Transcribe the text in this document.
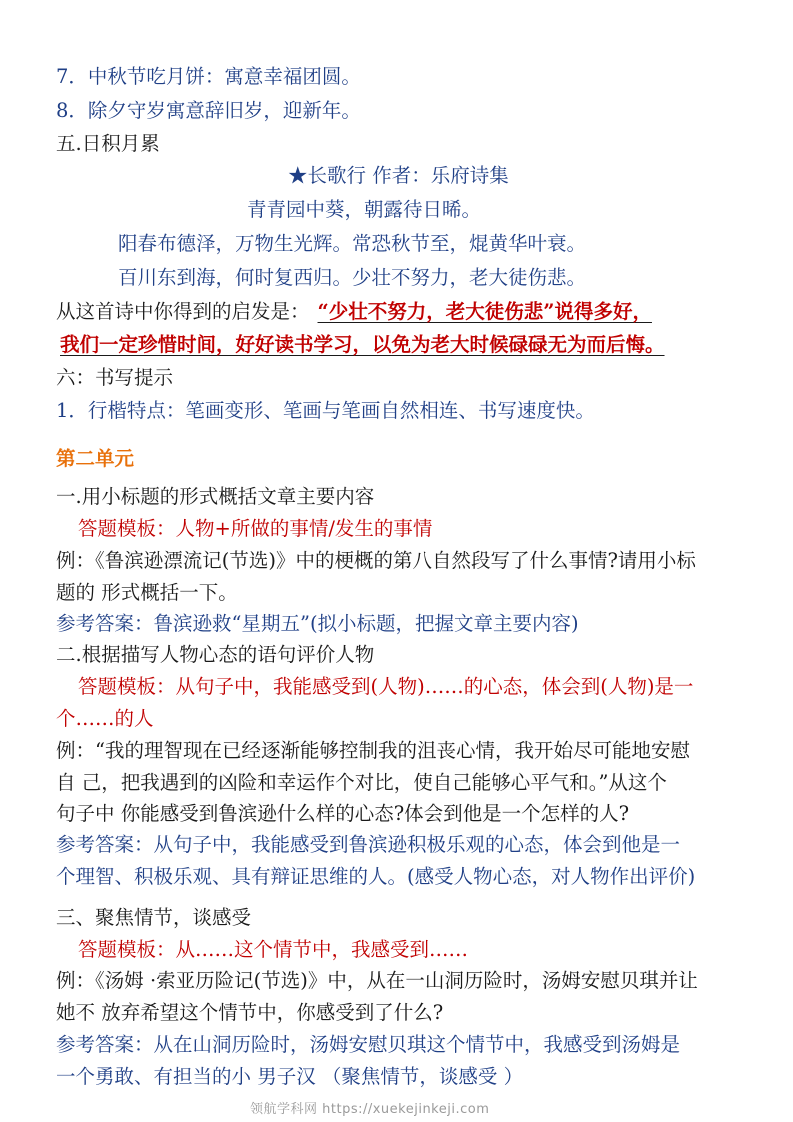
7．中秋节吃月饼：寓意幸福团圆。
8．除夕守岁寓意辞旧岁，迎新年。
五.日积月累
★长歌行 作者：乐府诗集
青青园中葵，朝露待日晞。
阳春布德泽，万物生光辉。常恐秋节至，焜黄华叶衰。
百川东到海，何时复西归。少壮不努力，老大徒伤悲。
从这首诗中你得到的启发是： “少壮不努力，老大徒伤悲”说得多好，
我们一定珍惜时间，好好读书学习，以免为老大时候碌碌无为而后悔。
六：书写提示
1．行楷特点：笔画变形、笔画与笔画自然相连、书写速度快。
第二单元
一.用小标题的形式概括文章主要内容
答题模板：人物+所做的事情/发生的事情
例：《鲁滨逊漂流记(节选)》中的梗概的第八自然段写了什么事情?请用小标
题的 形式概括一下。
参考答案：鲁滨逊救“星期五”(拟小标题，把握文章主要内容)
二.根据描写人物心态的语句评价人物
答题模板：从句子中，我能感受到(人物)……的心态，体会到(人物)是一
个……的人
例：“我的理智现在已经逐渐能够控制我的沮丧心情，我开始尽可能地安慰
自 己，把我遇到的凶险和幸运作个对比，使自己能够心平气和。”从这个
句子中 你能感受到鲁滨逊什么样的心态?体会到他是一个怎样的人?
参考答案：从句子中，我能感受到鲁滨逊积极乐观的心态，体会到他是一
个理智、积极乐观、具有辩证思维的人。(感受人物心态，对人物作出评价)
三、聚焦情节，谈感受
答题模板：从……这个情节中，我感受到……
例：《汤姆 ·索亚历险记(节选)》中，从在一山洞历险时，汤姆安慰贝琪并让
她不 放弃希望这个情节中，你感受到了什么?
参考答案：从在山洞历险时，汤姆安慰贝琪这个情节中，我感受到汤姆是
一个勇敢、有担当的小 男子汉 （聚焦情节，谈感受 ）
领航学科网 https://xuekejinkeji.com
